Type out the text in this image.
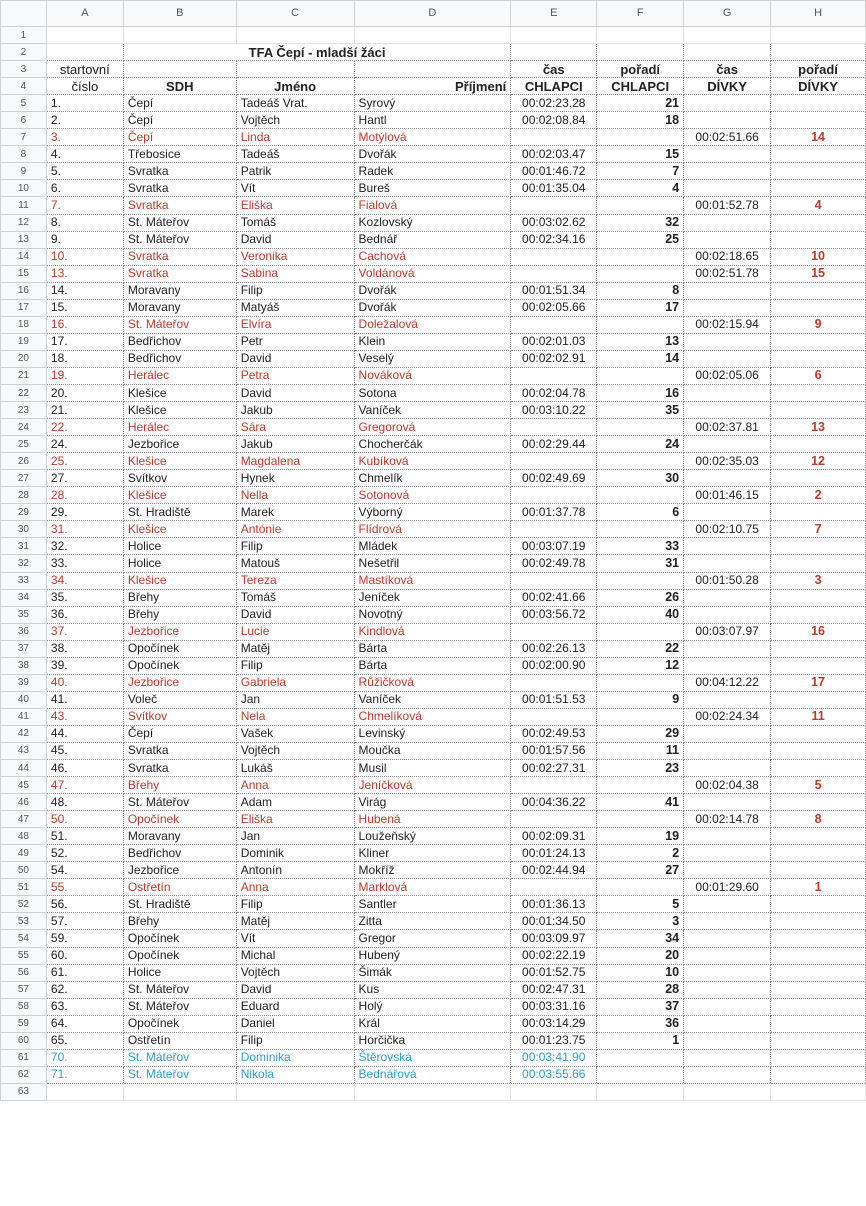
	A	B	C	D	E	F	G	H
1								
2		TFA Čepí - mladší žáci						
3	startovní				čas	pořadí	čas	pořadí
4	číslo	SDH	Jméno	Příjmení	CHLAPCI	CHLAPCI	DÍVKY	DÍVKY
5	1.	Čepí	Tadeáš Vrat.	Syrový	00:02:23.28	21		
6	2.	Čepí	Vojtěch	Hantl	00:02:08.84	18		
7	3.	Čepí	Linda	Motýlová			00:02:51.66	14
8	4.	Třebosice	Tadeáš	Dvořák	00:02:03.47	15		
9	5.	Svratka	Patrik	Radek	00:01:46.72	7		
10	6.	Svratka	Vít	Bureš	00:01:35.04	4		
11	7.	Svratka	Eliška	Fialová			00:01:52.78	4
12	8.	St. Máteřov	Tomáš	Kozlovský	00:03:02.62	32		
13	9.	St. Máteřov	David	Bednář	00:02:34.16	25		
14	10.	Svratka	Veronika	Cachová			00:02:18.65	10
15	13.	Svratka	Sabina	Voldánová			00:02:51.78	15
16	14.	Moravany	Filip	Dvořák	00:01:51.34	8		
17	15.	Moravany	Matyáš	Dvořák	00:02:05.66	17		
18	16.	St. Máteřov	Elvíra	Doležalová			00:02:15.94	9
19	17.	Bedřichov	Petr	Klein	00:02:01.03	13		
20	18.	Bedřichov	David	Veselý	00:02:02.91	14		
21	19.	Herálec	Petra	Nováková			00:02:05.06	6
22	20.	Klešice	David	Sotona	00:02:04.78	16		
23	21.	Klešice	Jakub	Vaníček	00:03:10.22	35		
24	22.	Herálec	Sára	Gregorová			00:02:37.81	13
25	24.	Jezbořice	Jakub	Chocherčák	00:02:29.44	24		
26	25.	Klešice	Magdalena	Kubíková			00:02:35.03	12
27	27.	Svítkov	Hynek	Chmelík	00:02:49.69	30		
28	28.	Klešice	Nella	Sotonová			00:01:46.15	2
29	29.	St. Hradiště	Marek	Výborný	00:01:37.78	6		
30	31.	Klešice	Antónie	Flídrová			00:02:10.75	7
31	32.	Holice	Filip	Mládek	00:03:07.19	33		
32	33.	Holice	Matouš	Nešetřil	00:02:49.78	31		
33	34.	Klešice	Tereza	Mastíková			00:01:50.28	3
34	35.	Břehy	Tomáš	Jeníček	00:02:41.66	26		
35	36.	Břehy	David	Novotný	00:03:56.72	40		
36	37.	Jezbořice	Lucie	Kindlová			00:03:07.97	16
37	38.	Opočínek	Matěj	Bárta	00:02:26.13	22		
38	39.	Opočínek	Filip	Bárta	00:02:00.90	12		
39	40.	Jezbořice	Gabriela	Růžičková			00:04:12.22	17
40	41.	Voleč	Jan	Vaníček	00:01:51.53	9		
41	43.	Svítkov	Nela	Chmelíková			00:02:24.34	11
42	44.	Čepí	Vašek	Levinský	00:02:49.53	29		
43	45.	Svratka	Vojtěch	Moučka	00:01:57.56	11		
44	46.	Svratka	Lukáš	Musil	00:02:27.31	23		
45	47.	Břehy	Anna	Jeníčková			00:02:04.38	5
46	48.	St. Máteřov	Adam	Virág	00:04:36.22	41		
47	50.	Opočínek	Eliška	Hubená			00:02:14.78	8
48	51.	Moravany	Jan	Loužeňský	00:02:09.31	19		
49	52.	Bedřichov	Dominik	Kliner	00:01:24.13	2		
50	54.	Jezbořice	Antonín	Mokříž	00:02:44.94	27		
51	55.	Ostřetín	Anna	Marklová			00:01:29.60	1
52	56.	St. Hradiště	Filip	Santler	00:01:36.13	5		
53	57.	Břehy	Matěj	Zitta	00:01:34.50	3		
54	59.	Opočínek	Vít	Gregor	00:03:09.97	34		
55	60.	Opočínek	Michal	Hubený	00:02:22.19	20		
56	61.	Holice	Vojtěch	Šimák	00:01:52.75	10		
57	62.	St. Máteřov	David	Kus	00:02:47.31	28		
58	63.	St. Máteřov	Eduard	Holý	00:03:31.16	37		
59	64.	Opočínek	Daniel	Král	00:03:14.29	36		
60	65.	Ostřetín	Filip	Horčička	00:01:23.75	1		
61	70.	St. Máteřov	Dominika	Štěrovská	00:03:41.90			
62	71.	St. Máteřov	Nikola	Bednářová	00:03:55.66			
63								
